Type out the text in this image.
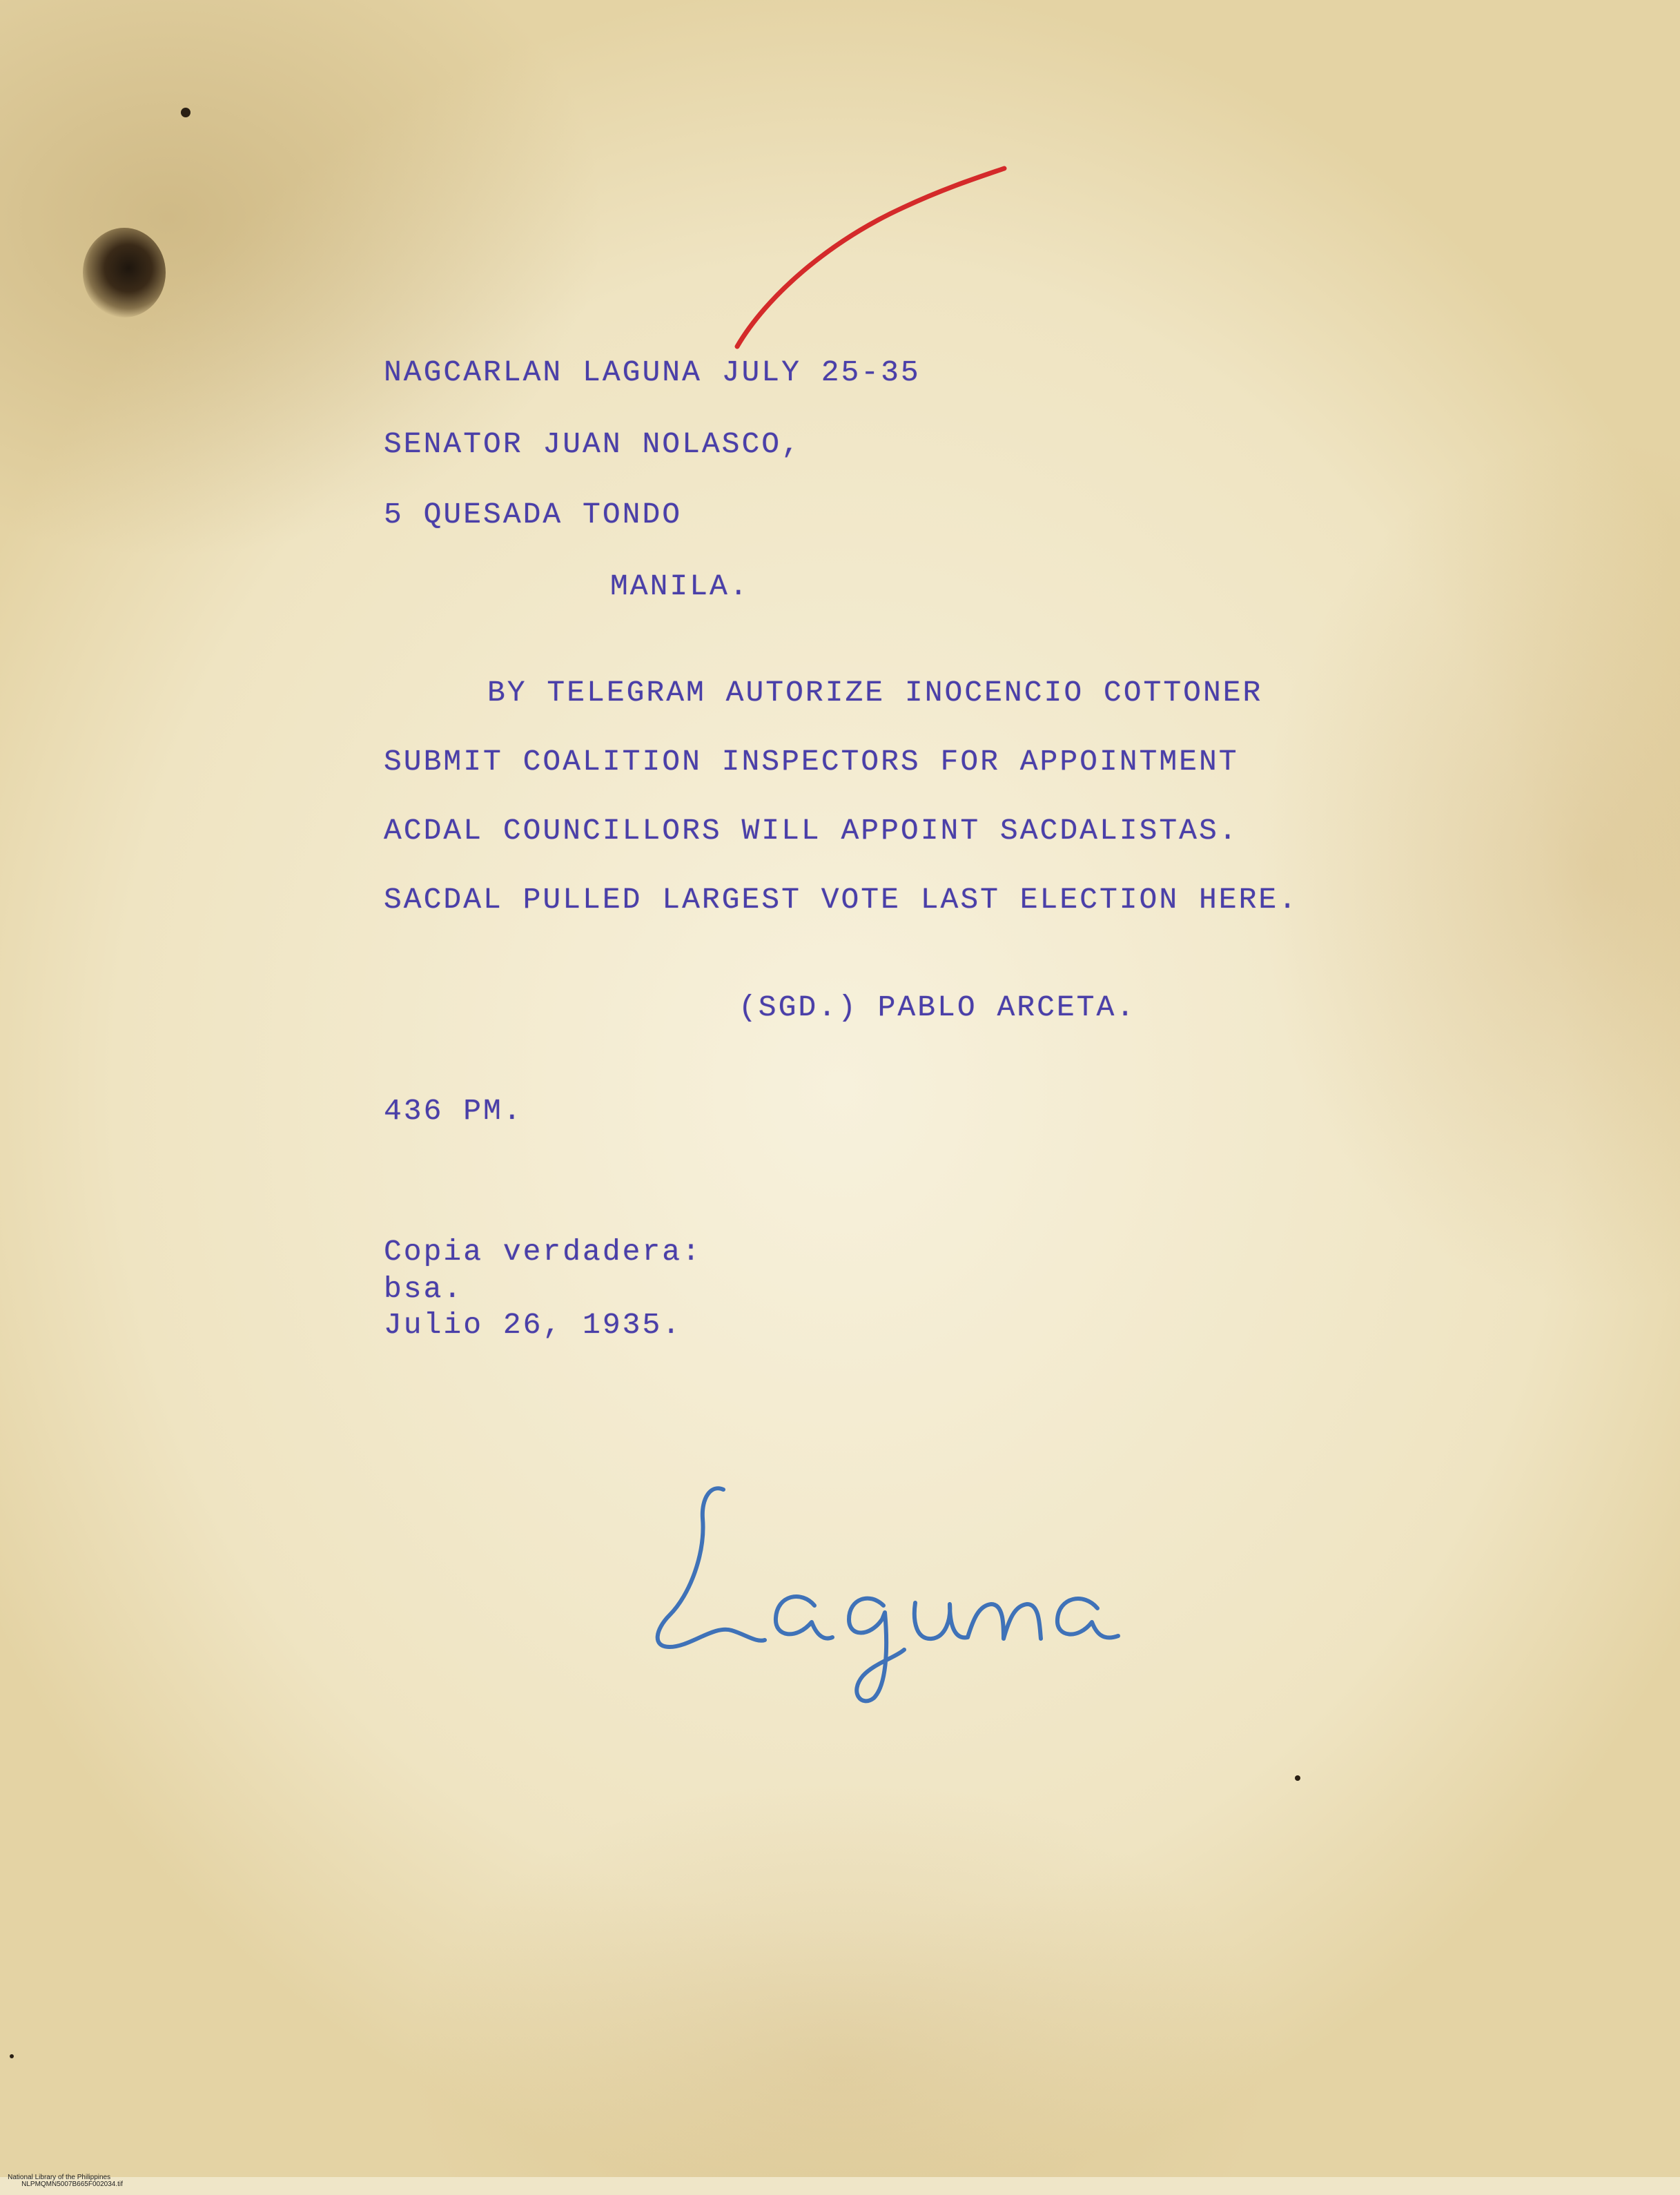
NAGCARLAN LAGUNA JULY 25-35

SENATOR JUAN NOLASCO,

5 QUESADA TONDO

MANILA.

BY TELEGRAM AUTORIZE INOCENCIO COTTONER

SUBMIT COALITION INSPECTORS FOR APPOINTMENT

ACDAL COUNCILLORS WILL APPOINT SACDALISTAS.

SACDAL PULLED LARGEST VOTE LAST ELECTION HERE.

(SGD.) PABLO ARCETA.

436 PM.

Copia verdadera:

bsa.

Julio 26, 1935.

National Library of the Philippines
NLPMQMN5007B665F002034.tif
